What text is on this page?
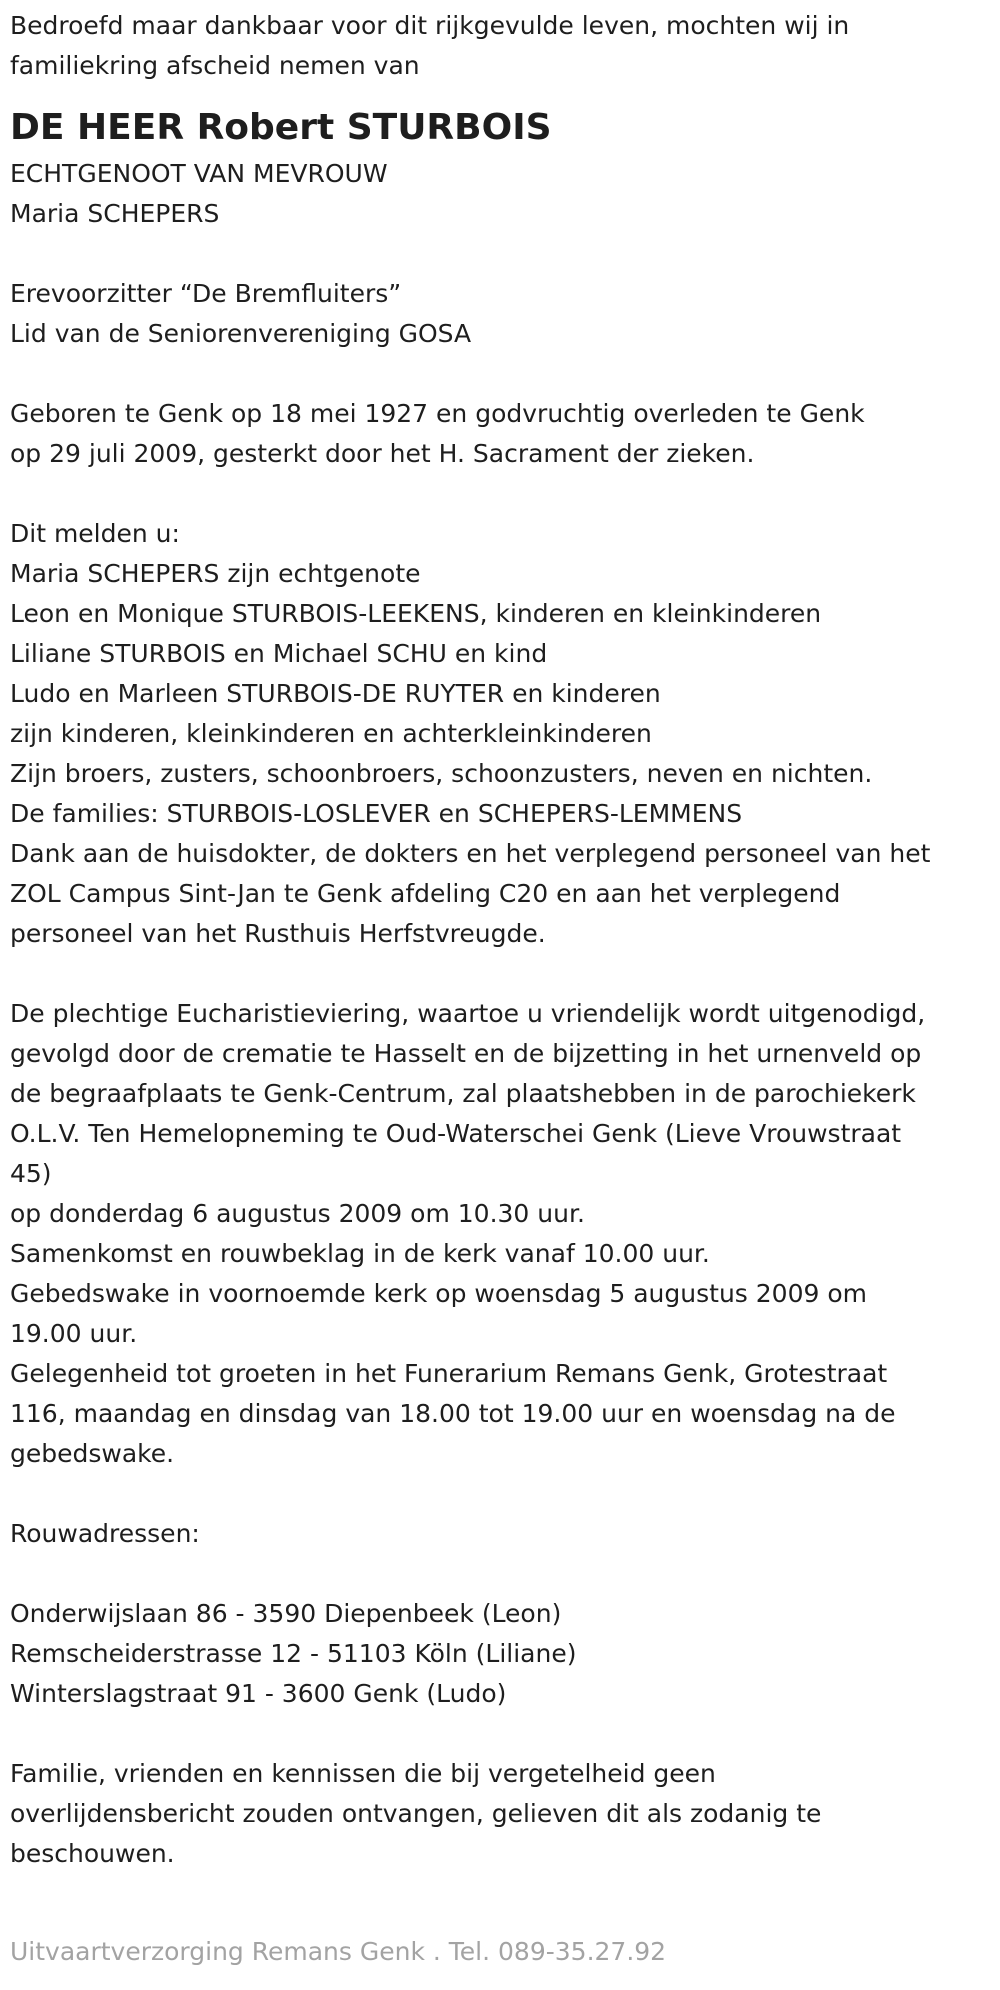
Bedroefd maar dankbaar voor dit rijkgevulde leven, mochten wij in
familiekring afscheid nemen van
DE HEER Robert STURBOIS
ECHTGENOOT VAN MEVROUW
Maria SCHEPERS
Erevoorzitter “De Bremfluiters”
Lid van de Seniorenvereniging GOSA
Geboren te Genk op 18 mei 1927 en godvruchtig overleden te Genk
op 29 juli 2009, gesterkt door het H. Sacrament der zieken.
Dit melden u:
Maria SCHEPERS zijn echtgenote
Leon en Monique STURBOIS-LEEKENS, kinderen en kleinkinderen
Liliane STURBOIS en Michael SCHU en kind
Ludo en Marleen STURBOIS-DE RUYTER en kinderen
zijn kinderen, kleinkinderen en achterkleinkinderen
Zijn broers, zusters, schoonbroers, schoonzusters, neven en nichten.
De families: STURBOIS-LOSLEVER en SCHEPERS-LEMMENS
Dank aan de huisdokter, de dokters en het verplegend personeel van het
ZOL Campus Sint-Jan te Genk afdeling C20 en aan het verplegend
personeel van het Rusthuis Herfstvreugde.
De plechtige Eucharistieviering, waartoe u vriendelijk wordt uitgenodigd,
gevolgd door de crematie te Hasselt en de bijzetting in het urnenveld op
de begraafplaats te Genk-Centrum, zal plaatshebben in de parochiekerk
O.L.V. Ten Hemelopneming te Oud-Waterschei Genk (Lieve Vrouwstraat
45)
op donderdag 6 augustus 2009 om 10.30 uur.
Samenkomst en rouwbeklag in de kerk vanaf 10.00 uur.
Gebedswake in voornoemde kerk op woensdag 5 augustus 2009 om
19.00 uur.
Gelegenheid tot groeten in het Funerarium Remans Genk, Grotestraat
116, maandag en dinsdag van 18.00 tot 19.00 uur en woensdag na de
gebedswake.
Rouwadressen:
Onderwijslaan 86 - 3590 Diepenbeek (Leon)
Remscheiderstrasse 12 - 51103 Köln (Liliane)
Winterslagstraat 91 - 3600 Genk (Ludo)
Familie, vrienden en kennissen die bij vergetelheid geen
overlijdensbericht zouden ontvangen, gelieven dit als zodanig te
beschouwen.
Uitvaartverzorging Remans Genk . Tel. 089-35.27.92
